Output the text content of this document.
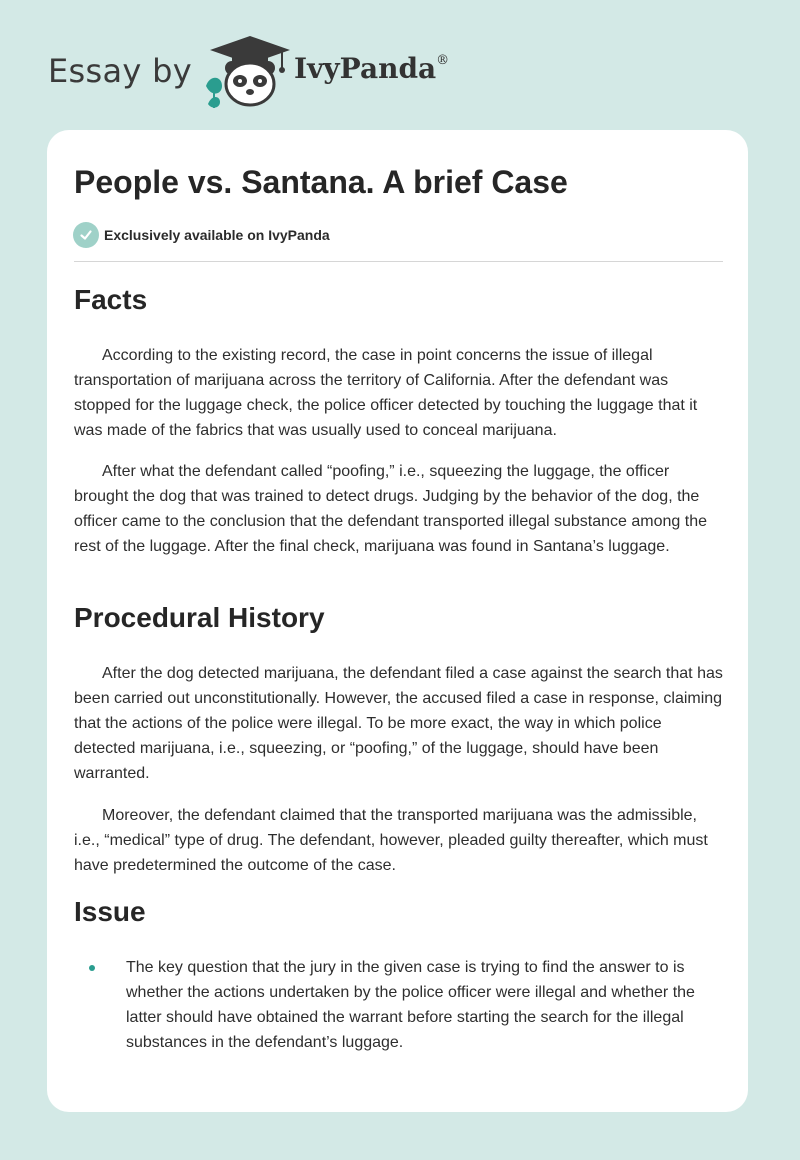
Essay by	IvyPanda®
People vs. Santana. A brief Case
Exclusively available on IvyPanda
Facts

According to the existing record, the case in point concerns the issue of illegal transportation of marijuana across the territory of California. After the defendant was stopped for the luggage check, the police officer detected by touching the luggage that it was made of the fabrics that was usually used to conceal marijuana.

After what the defendant called “poofing,” i.e., squeezing the luggage, the officer brought the dog that was trained to detect drugs. Judging by the behavior of the dog, the officer came to the conclusion that the defendant transported illegal substance among the rest of the luggage. After the final check, marijuana was found in Santana’s luggage.

Procedural History

After the dog detected marijuana, the defendant filed a case against the search that has been carried out unconstitutionally. However, the accused filed a case in response, claiming that the actions of the police were illegal. To be more exact, the way in which police detected marijuana, i.e., squeezing, or “poofing,” of the luggage, should have been warranted.

Moreover, the defendant claimed that the transported marijuana was the admissible, i.e., “medical” type of drug. The defendant, however, pleaded guilty thereafter, which must have predetermined the outcome of the case.

Issue
The key question that the jury in the given case is trying to find the answer to is whether the actions undertaken by the police officer were illegal and whether the latter should have obtained the warrant before starting the search for the illegal substances in the defendant’s luggage.
